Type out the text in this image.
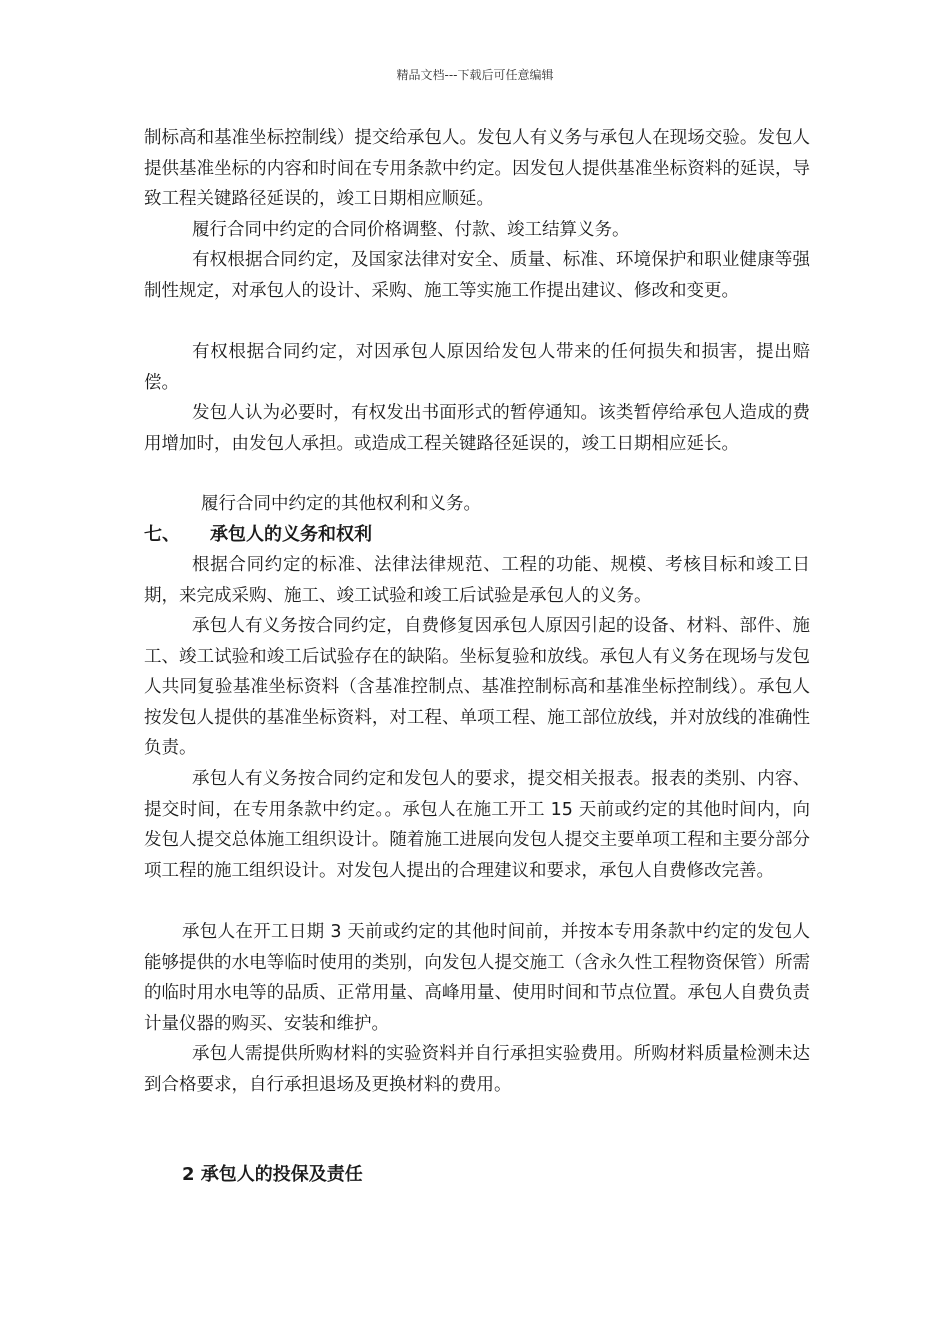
精品文档---下载后可任意编辑

制标高和基准坐标控制线）提交给承包人。发包人有义务与承包人在现场交验。发包人提供基准坐标的内容和时间在专用条款中约定。因发包人提供基准坐标资料的延误，导致工程关键路径延误的，竣工日期相应顺延。

履行合同中约定的合同价格调整、付款、竣工结算义务。

有权根据合同约定，及国家法律对安全、质量、标准、环境保护和职业健康等强制性规定，对承包人的设计、采购、施工等实施工作提出建议、修改和变更。

有权根据合同约定，对因承包人原因给发包人带来的任何损失和损害，提出赔偿。

发包人认为必要时，有权发出书面形式的暂停通知。该类暂停给承包人造成的费用增加时，由发包人承担。或造成工程关键路径延误的，竣工日期相应延长。

履行合同中约定的其他权利和义务。

七、 承包人的义务和权利

根据合同约定的标准、法律法律规范、工程的功能、规模、考核目标和竣工日期，来完成采购、施工、竣工试验和竣工后试验是承包人的义务。

承包人有义务按合同约定，自费修复因承包人原因引起的设备、材料、部件、施工、竣工试验和竣工后试验存在的缺陷。坐标复验和放线。承包人有义务在现场与发包人共同复验基准坐标资料（含基准控制点、基准控制标高和基准坐标控制线）。承包人按发包人提供的基准坐标资料，对工程、单项工程、施工部位放线，并对放线的准确性负责。

承包人有义务按合同约定和发包人的要求，提交相关报表。报表的类别、内容、提交时间，在专用条款中约定。。承包人在施工开工 15 天前或约定的其他时间内，向发包人提交总体施工组织设计。随着施工进展向发包人提交主要单项工程和主要分部分项工程的施工组织设计。对发包人提出的合理建议和要求，承包人自费修改完善。

承包人在开工日期 3 天前或约定的其他时间前，并按本专用条款中约定的发包人能够提供的水电等临时使用的类别，向发包人提交施工（含永久性工程物资保管）所需的临时用水电等的品质、正常用量、高峰用量、使用时间和节点位置。承包人自费负责计量仪器的购买、安装和维护。

承包人需提供所购材料的实验资料并自行承担实验费用。所购材料质量检测未达到合格要求，自行承担退场及更换材料的费用。

2 承包人的投保及责任
